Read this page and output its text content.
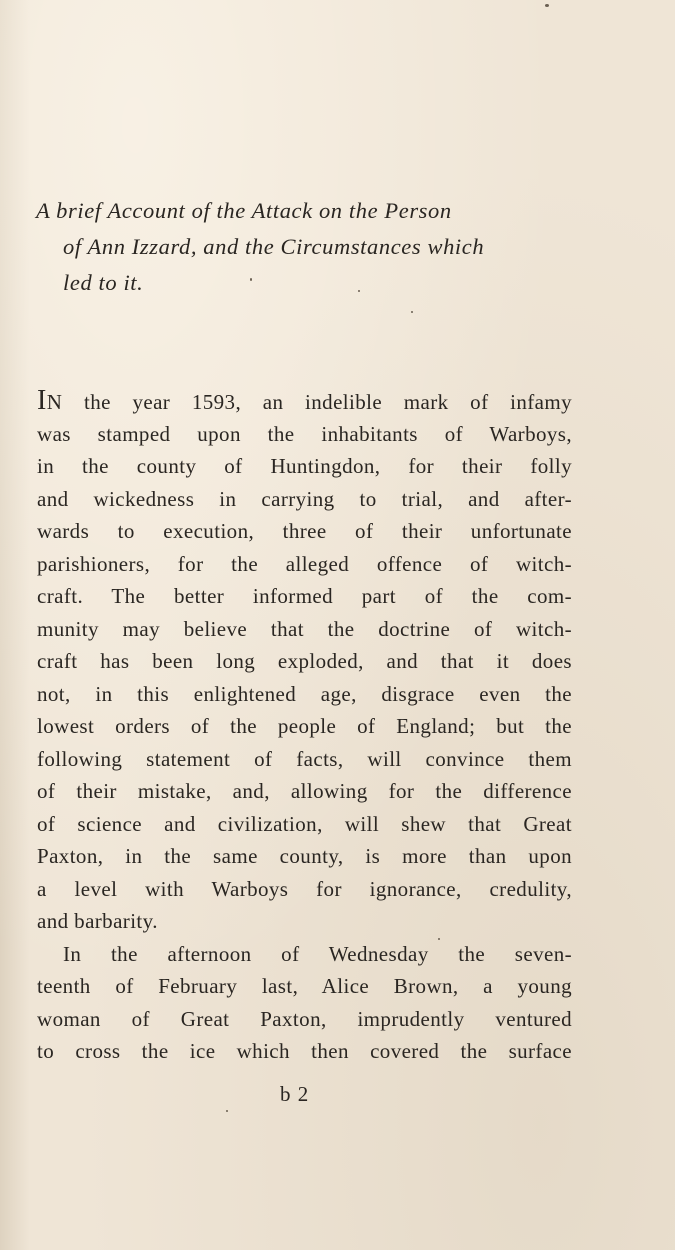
A brief Account of the Attack on the Person
of Ann Izzard, and the Circumstances which
led to it.
IN the year 1593, an indelible mark of infamy
was stamped upon the inhabitants of Warboys,
in the county of Huntingdon, for their folly
and wickedness in carrying to trial, and after-
wards to execution, three of their unfortunate
parishioners, for the alleged offence of witch-
craft. The better informed part of the com-
munity may believe that the doctrine of witch-
craft has been long exploded, and that it does
not, in this enlightened age, disgrace even the
lowest orders of the people of England; but the
following statement of facts, will convince them
of their mistake, and, allowing for the difference
of science and civilization, will shew that Great
Paxton, in the same county, is more than upon
a level with Warboys for ignorance, credulity,
and barbarity.
In the afternoon of Wednesday the seven-
teenth of February last, Alice Brown, a young
woman of Great Paxton, imprudently ventured
to cross the ice which then covered the surface
b 2
